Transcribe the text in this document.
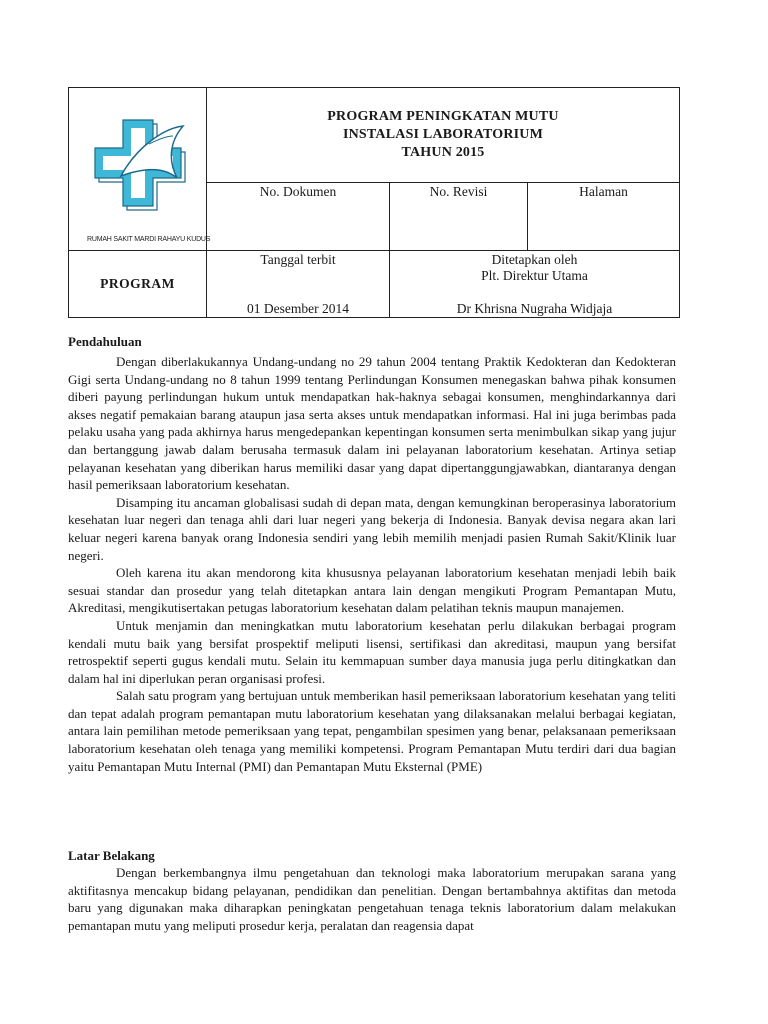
RUMAH SAKIT MARDI RAHAYU KUDUS
PROGRAM PENINGKATAN MUTU
INSTALASI LABORATORIUM
TAHUN 2015
No. Dokumen	No. Revisi	Halaman
PROGRAM
Tanggal terbit
01 Desember 2014
Ditetapkan oleh
Plt. Direktur Utama
Dr Khrisna Nugraha Widjaja
Pendahuluan

Dengan diberlakukannya Undang-undang no 29 tahun 2004 tentang Praktik Kedokteran dan Kedokteran Gigi serta Undang-undang no 8 tahun 1999 tentang Perlindungan Konsumen menegaskan bahwa pihak konsumen diberi payung perlindungan hukum untuk mendapatkan hak-haknya sebagai konsumen, menghindarkannya dari akses negatif pemakaian barang ataupun jasa serta akses untuk mendapatkan informasi. Hal ini juga berimbas pada pelaku usaha yang pada akhirnya harus mengedepankan kepentingan konsumen serta menimbulkan sikap yang jujur dan bertanggung jawab dalam berusaha termasuk dalam ini pelayanan laboratorium kesehatan. Artinya setiap pelayanan kesehatan yang diberikan harus memiliki dasar yang dapat dipertanggungjawabkan, diantaranya dengan hasil pemeriksaan laboratorium kesehatan.

Disamping itu ancaman globalisasi sudah di depan mata, dengan kemungkinan beroperasinya laboratorium kesehatan luar negeri dan tenaga ahli dari luar negeri yang bekerja di Indonesia. Banyak devisa negara akan lari keluar negeri karena banyak orang Indonesia sendiri yang lebih memilih menjadi pasien Rumah Sakit/Klinik luar negeri.

Oleh karena itu akan mendorong kita khususnya pelayanan laboratorium kesehatan menjadi lebih baik sesuai standar dan prosedur yang telah ditetapkan antara lain dengan mengikuti Program Pemantapan Mutu, Akreditasi, mengikutisertakan petugas laboratorium kesehatan dalam pelatihan teknis maupun manajemen.

Untuk menjamin dan meningkatkan mutu laboratorium kesehatan perlu dilakukan berbagai program kendali mutu baik yang bersifat prospektif meliputi lisensi, sertifikasi dan akreditasi, maupun yang bersifat retrospektif seperti gugus kendali mutu. Selain itu kemmapuan sumber daya manusia juga perlu ditingkatkan dan dalam hal ini diperlukan peran organisasi profesi.

Salah satu program yang bertujuan untuk memberikan hasil pemeriksaan laboratorium kesehatan yang teliti dan tepat adalah program pemantapan mutu laboratorium kesehatan yang dilaksanakan melalui berbagai kegiatan, antara lain pemilihan metode pemeriksaan yang tepat, pengambilan spesimen yang benar, pelaksanaan pemeriksaan laboratorium kesehatan oleh tenaga yang memiliki kompetensi. Program Pemantapan Mutu terdiri dari dua bagian yaitu Pemantapan Mutu Internal (PMI) dan Pemantapan Mutu Eksternal (PME)

Latar Belakang

Dengan berkembangnya ilmu pengetahuan dan teknologi maka laboratorium merupakan sarana yang aktifitasnya mencakup bidang pelayanan, pendidikan dan penelitian. Dengan bertambahnya aktifitas dan metoda baru yang digunakan maka diharapkan peningkatan pengetahuan tenaga teknis laboratorium dalam melakukan pemantapan mutu yang meliputi prosedur kerja, peralatan dan reagensia dapat
